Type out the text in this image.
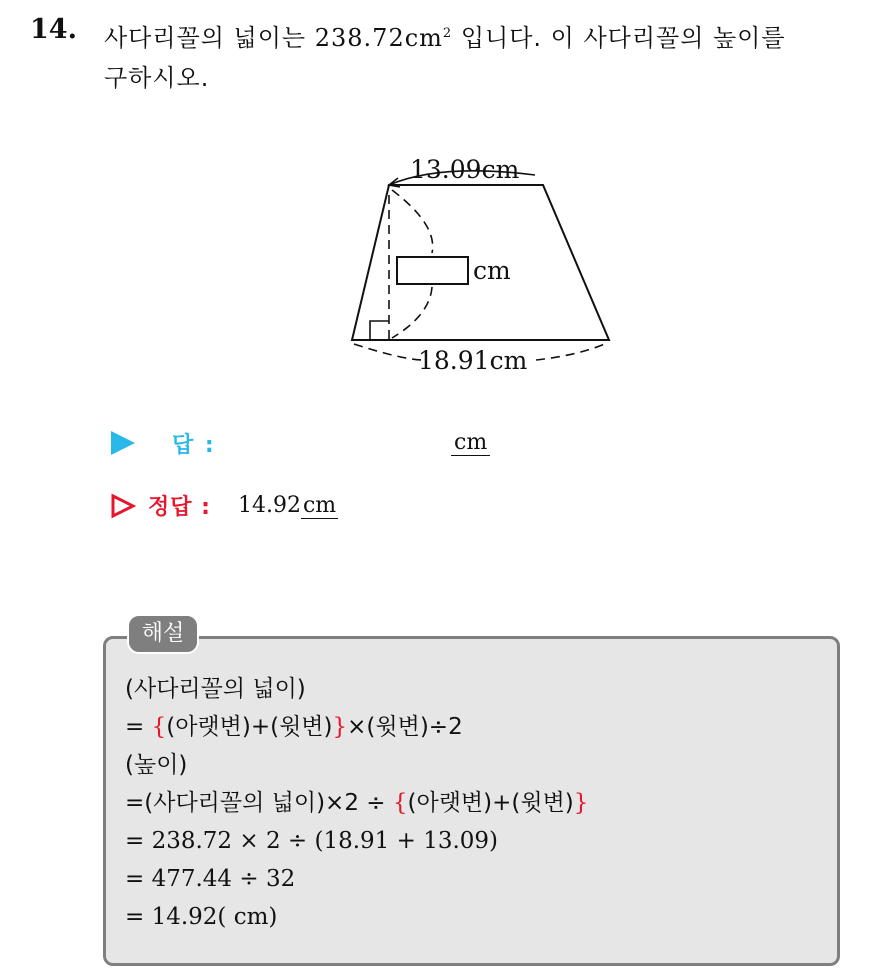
14. 사다리꼴의 넓이는 $238.72cm^2$ 입니다. 이 사다리꼴의 높이를
구하시오.
13.09cm
cm
18.91cm
답 :	cm
정답 : 14.92cm
해설
(사다리꼴의 넓이)
= {(아랫변)+(윗변)}×(윗변)÷2
(높이)
=(사다리꼴의 넓이)×2 ÷ {(아랫변)+(윗변)}
= 238.72 × 2 ÷ (18.91 + 13.09)
= 477.44 ÷ 32
= 14.92( cm)
